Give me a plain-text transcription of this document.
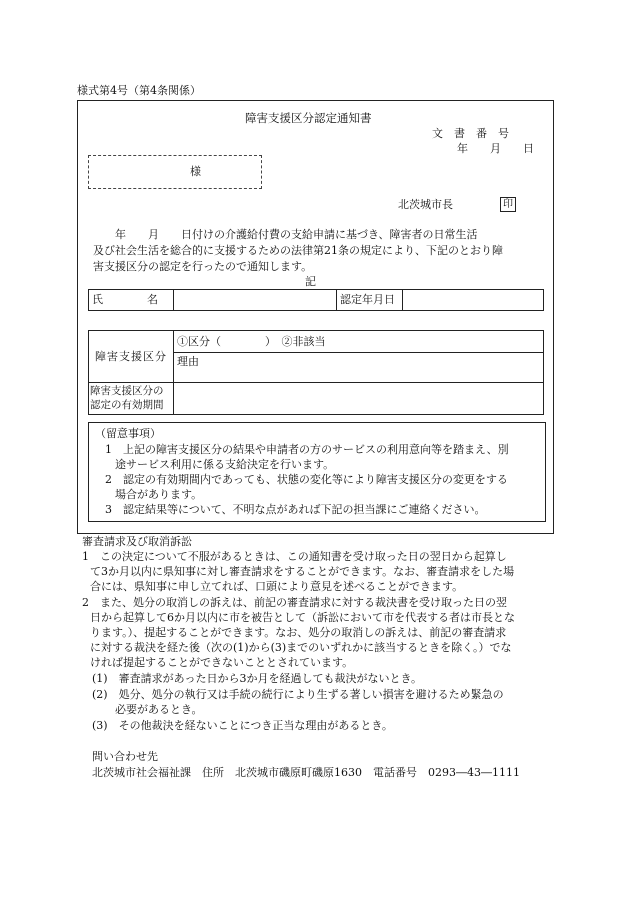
様式第4号（第4条関係）
障害支援区分認定通知書
文　書　番　号
年　　月　　日
様
北茨城市長	印
　　年　　月　　日付けの介護給付費の支給申請に基づき、障害者の日常生活
及び社会生活を総合的に支援するための法律第21条の規定により、下記のとおり障
害支援区分の認定を行ったので通知します。
記
氏　　　　名		認定年月日	
障害支援区分	①区分（　　　　）　②非該当
	理由

障害支援区分の
認定の有効期間	

（留意事項）
1　上記の障害支援区分の結果や申請者の方のサービスの利用意向等を踏まえ、別
途サービス利用に係る支給決定を行います。
2　認定の有効期間内であっても、状態の変化等により障害支援区分の変更をする
場合があります。
3　認定結果等について、不明な点があれば下記の担当課にご連絡ください。
審査請求及び取消訴訟
1　この決定について不服があるときは、この通知書を受け取った日の翌日から起算し
て3か月以内に県知事に対し審査請求をすることができます。なお、審査請求をした場
合には、県知事に申し立てれば、口頭により意見を述べることができます。
2　また、処分の取消しの訴えは、前記の審査請求に対する裁決書を受け取った日の翌
日から起算して6か月以内に市を被告として（訴訟において市を代表する者は市長とな
ります。）、提起することができます。なお、処分の取消しの訴えは、前記の審査請求
に対する裁決を経た後（次の(1)から(3)までのいずれかに該当するときを除く。）でな
ければ提起することができないこととされています。
(1)　審査請求があった日から3か月を経過しても裁決がないとき。
(2)　処分、処分の執行又は手続の続行により生ずる著しい損害を避けるため緊急の
必要があるとき。
(3)　その他裁決を経ないことにつき正当な理由があるとき。
問い合わせ先
北茨城市社会福祉課　住所　北茨城市磯原町磯原1630　電話番号　0293―43―1111
